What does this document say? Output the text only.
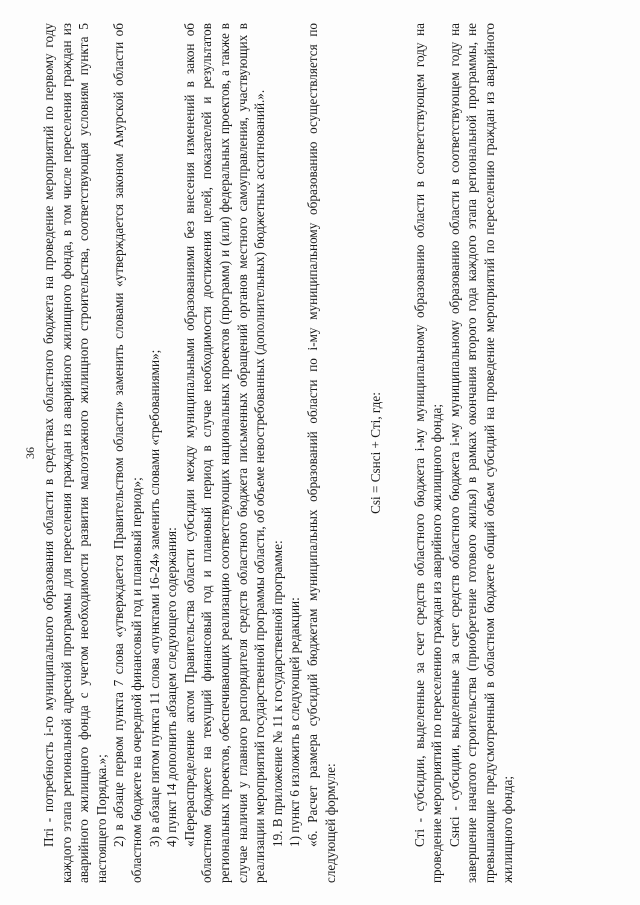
36 Пті - потребность і-го муниципального образования области в средствах областного бюджета на проведение мероприятий по первому году каждого этапа региональной адресной программы для переселения граждан из аварийного жилищного фонда, в том числе переселения граждан из аварийного жилищного фонда с учетом необходимости развития малоэтажного жилищного строительства, соответствующая условиям пункта 5 настоящего Порядка.»; 2) в абзаце первом пункта 7 слова «утверждается Правительством области» заменить словами «утверждается законом Амурской области об областном бюджете на очередной финансовый год и плановый период»; 3) в абзаце пятом пункта 11 слова «пунктами 16-24» заменить словами «требованиями»; 4) пункт 14 дополнить абзацем следующего содержания: «Перераспределение актом Правительства области субсидии между муниципальными образованиями без внесения изменений в закон об областном бюджете на текущий финансовый год и плановый период в случае необходимости достижения целей, показателей и результатов региональных проектов, обеспечивающих реализацию соответствующих национальных проектов (программ) и (или) федеральных проектов, а также в случае наличия у главного распорядителя средств областного бюджета письменных обращений органов местного самоуправления, участвующих в реализации мероприятий государственной программы области, об объеме невостребованных (дополнительных) бюджетных ассигнований.». 19. В приложение № 11 к государственной программе: 1) пункт 6 изложить в следующей редакции: «6. Расчет размера субсидий бюджетам муниципальных образований области по і-му муниципальному образованию осуществляется по следующей формуле:

Сsі = Сsнсі + Сті, где: Сті - субсидии, выделенные за счет средств областного бюджета і-му муниципальному образованию области в соответствующем году на проведение мероприятий по переселению граждан из аварийного жилищного фонда; Сsнсі - субсидии, выделенные за счет средств областного бюджета і-му муниципальному образованию области в соответствующем году на завершение начатого строительства (приобретение готового жилья) в рамках окончания второго года каждого этапа региональной программы, не превышающие предусмотренный в областном бюджете общий объем субсидий на проведение мероприятий по переселению граждан из аварийного жилищного фонда;
